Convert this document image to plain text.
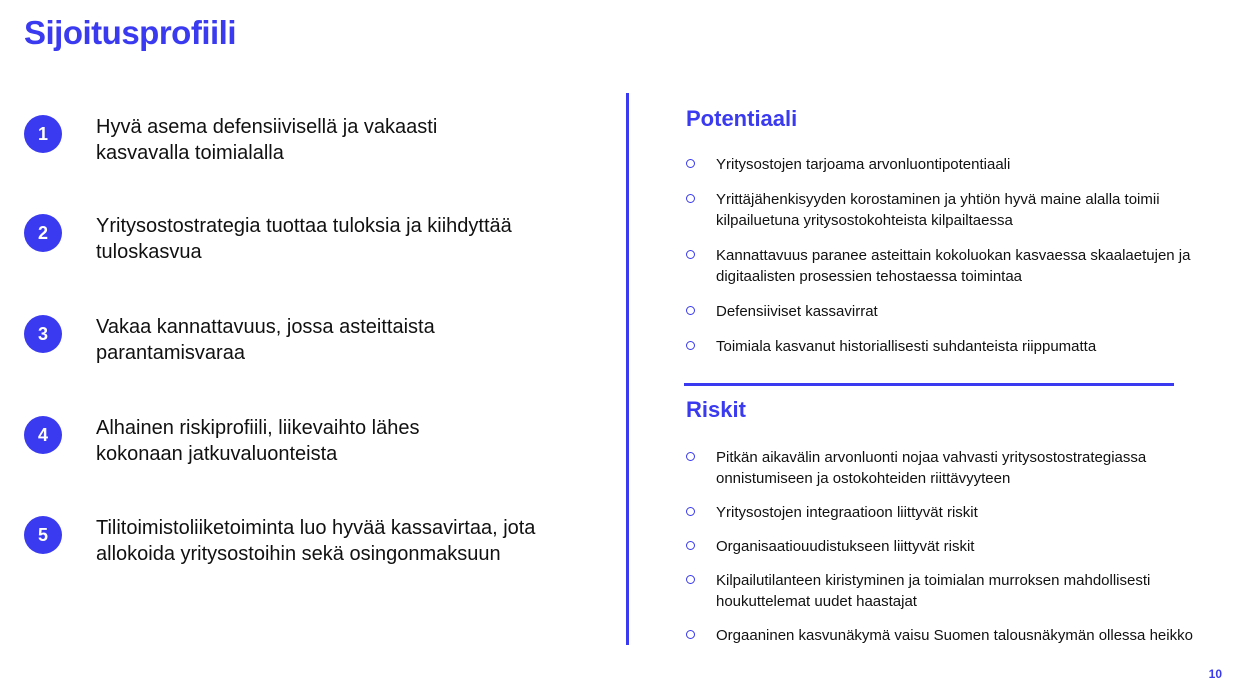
Sijoitusprofiili
1	Hyvä asema defensiivisellä ja vakaasti
kasvavalla toimialalla
2	Yritysostostrategia tuottaa tuloksia ja kiihdyttää
tuloskasvua
3	Vakaa kannattavuus, jossa asteittaista
parantamisvaraa
4	Alhainen riskiprofiili, liikevaihto lähes
kokonaan jatkuvaluonteista
5	Tilitoimistoliiketoiminta luo hyvää kassavirtaa, jota
allokoida yritysostoihin sekä osingonmaksuun
Potentiaali
Yritysostojen tarjoama arvonluontipotentiaali
Yrittäjähenkisyyden korostaminen ja yhtiön hyvä maine alalla toimii kilpailuetuna yritysostokohteista kilpailtaessa
Kannattavuus paranee asteittain kokoluokan kasvaessa skaalaetujen ja digitaalisten prosessien tehostaessa toimintaa
Defensiiviset kassavirrat
Toimiala kasvanut historiallisesti suhdanteista riippumatta
Riskit
Pitkän aikavälin arvonluonti nojaa vahvasti yritysostostrategiassa onnistumiseen ja ostokohteiden riittävyyteen
Yritysostojen integraatioon liittyvät riskit
Organisaatiouudistukseen liittyvät riskit
Kilpailutilanteen kiristyminen ja toimialan murroksen mahdollisesti houkuttelemat uudet haastajat
Orgaaninen kasvunäkymä vaisu Suomen talousnäkymän ollessa heikko
10
